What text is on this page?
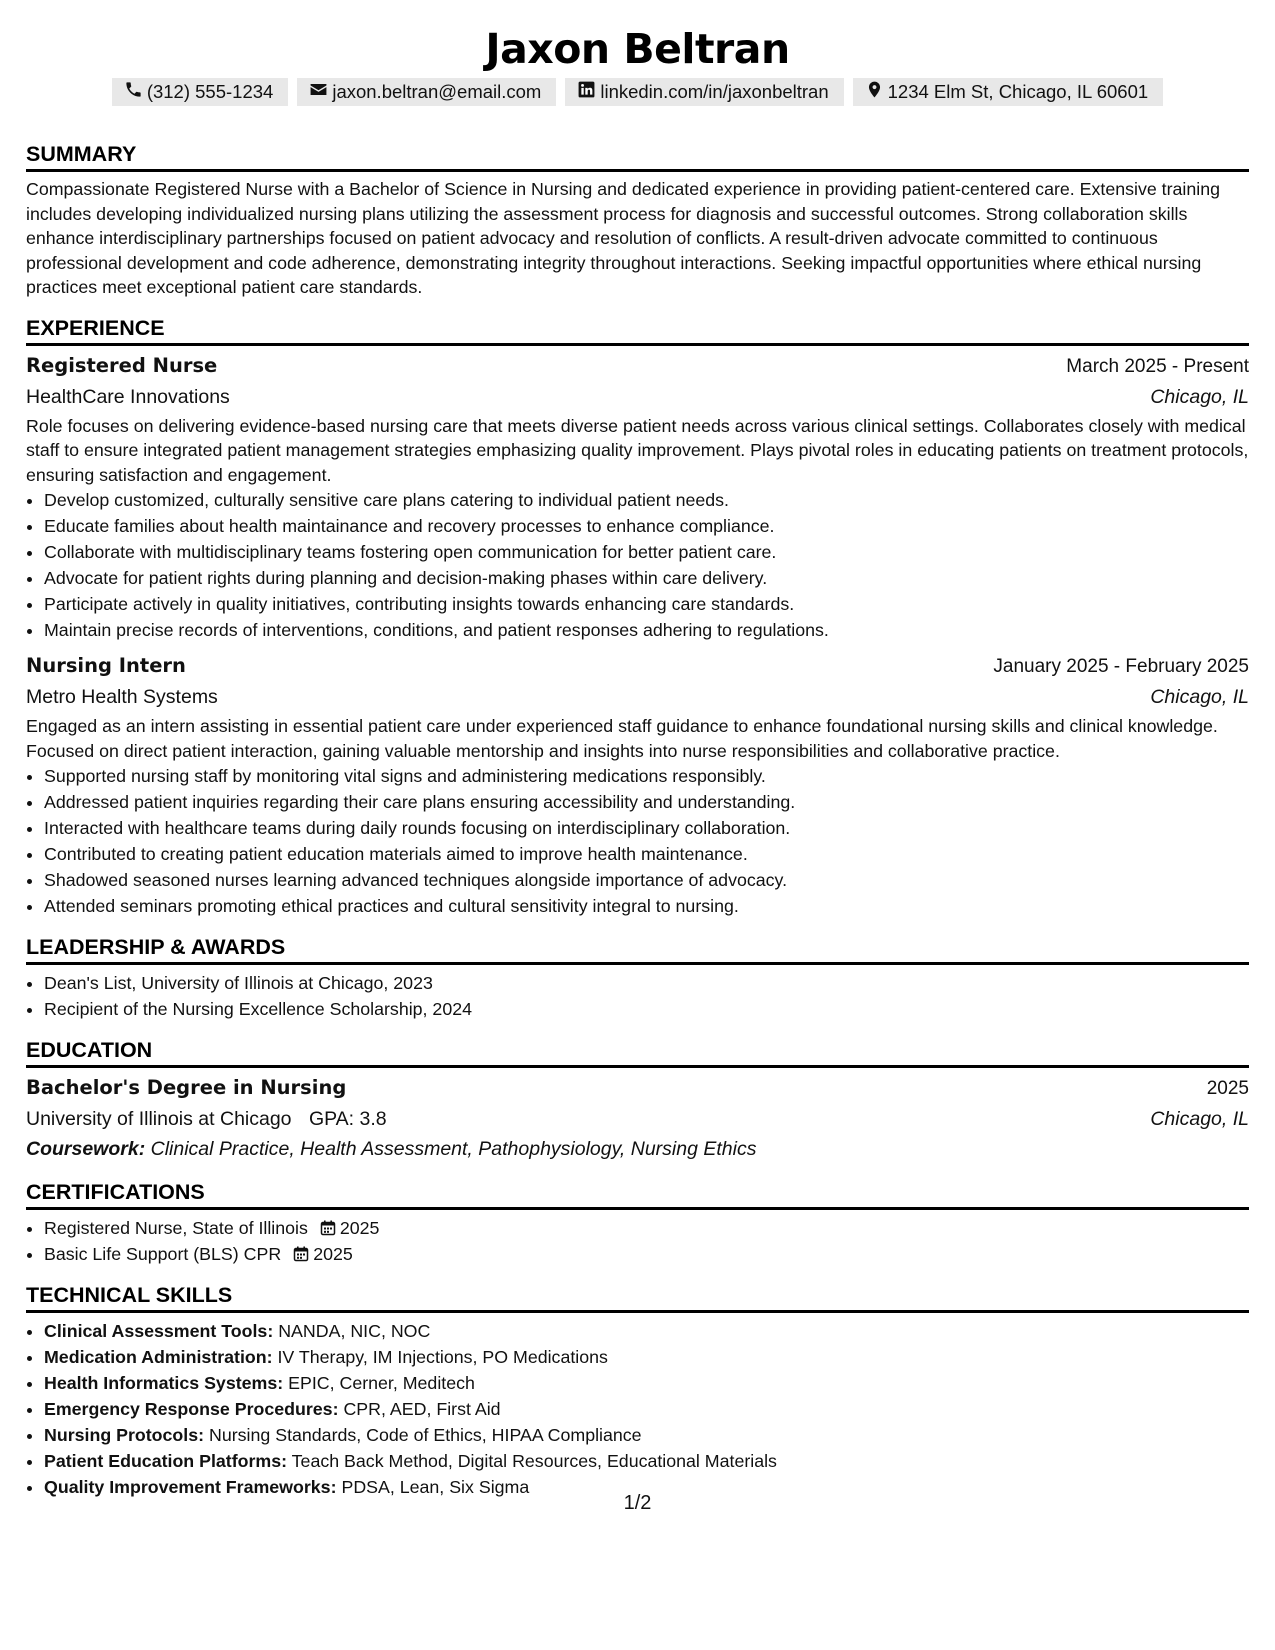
Jaxon Beltran
(312) 555-1234	jaxon.beltran@email.com	linkedin.com/in/jaxonbeltran	1234 Elm St, Chicago, IL 60601
SUMMARY

Compassionate Registered Nurse with a Bachelor of Science in Nursing and dedicated experience in providing patient-centered care. Extensive training includes developing individualized nursing plans utilizing the assessment process for diagnosis and successful outcomes. Strong collaboration skills enhance interdisciplinary partnerships focused on patient advocacy and resolution of conflicts. A result-driven advocate committed to continuous professional development and code adherence, demonstrating integrity throughout interactions. Seeking impactful opportunities where ethical nursing practices meet exceptional patient care standards.

EXPERIENCE
Registered Nurse	March 2025 - Present
HealthCare Innovations	Chicago, IL

Role focuses on delivering evidence-based nursing care that meets diverse patient needs across various clinical settings. Collaborates closely with medical staff to ensure integrated patient management strategies emphasizing quality improvement. Plays pivotal roles in educating patients on treatment protocols, ensuring satisfaction and engagement.

• Develop customized, culturally sensitive care plans catering to individual patient needs.
• Educate families about health maintainance and recovery processes to enhance compliance.
• Collaborate with multidisciplinary teams fostering open communication for better patient care.
• Advocate for patient rights during planning and decision-making phases within care delivery.
• Participate actively in quality initiatives, contributing insights towards enhancing care standards.
• Maintain precise records of interventions, conditions, and patient responses adhering to regulations.
Nursing Intern	January 2025 - February 2025
Metro Health Systems	Chicago, IL

Engaged as an intern assisting in essential patient care under experienced staff guidance to enhance foundational nursing skills and clinical knowledge. Focused on direct patient interaction, gaining valuable mentorship and insights into nurse responsibilities and collaborative practice.

• Supported nursing staff by monitoring vital signs and administering medications responsibly.
• Addressed patient inquiries regarding their care plans ensuring accessibility and understanding.
• Interacted with healthcare teams during daily rounds focusing on interdisciplinary collaboration.
• Contributed to creating patient education materials aimed to improve health maintenance.
• Shadowed seasoned nurses learning advanced techniques alongside importance of advocacy.
• Attended seminars promoting ethical practices and cultural sensitivity integral to nursing.
LEADERSHIP & AWARDS
• Dean's List, University of Illinois at Chicago, 2023
• Recipient of the Nursing Excellence Scholarship, 2024
EDUCATION
Bachelor's Degree in Nursing	2025
University of Illinois at Chicago GPA: 3.8	Chicago, IL
Coursework: Clinical Practice, Health Assessment, Pathophysiology, Nursing Ethics
CERTIFICATIONS
• Registered Nurse, State of Illinois 2025
• Basic Life Support (BLS) CPR 2025
TECHNICAL SKILLS
• Clinical Assessment Tools: NANDA, NIC, NOC
• Medication Administration: IV Therapy, IM Injections, PO Medications
• Health Informatics Systems: EPIC, Cerner, Meditech
• Emergency Response Procedures: CPR, AED, First Aid
• Nursing Protocols: Nursing Standards, Code of Ethics, HIPAA Compliance
• Patient Education Platforms: Teach Back Method, Digital Resources, Educational Materials
• Quality Improvement Frameworks: PDSA, Lean, Six Sigma
1/2
